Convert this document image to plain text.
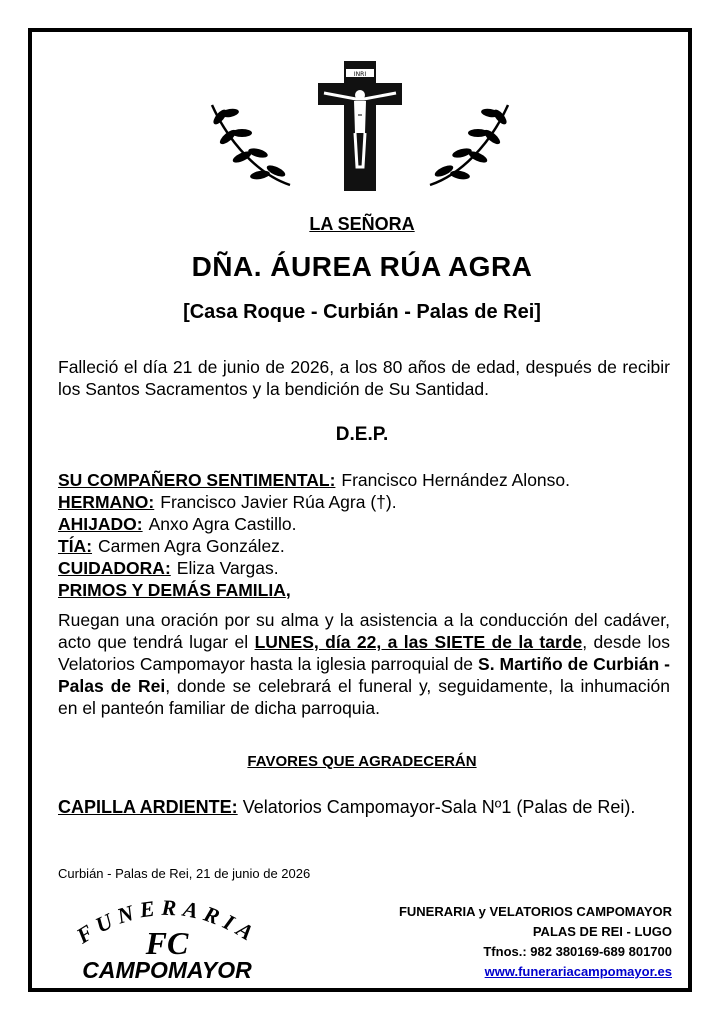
INRI
LA SEÑORA
DÑA. ÁUREA RÚA AGRA
[Casa Roque - Curbián - Palas de Rei]
Falleció el día 21 de junio de 2026, a los 80 años de edad, después de recibir los Santos Sacramentos y la bendición de Su Santidad.
D.E.P.
SU COMPAÑERO SENTIMENTAL: Francisco Hernández Alonso.
HERMANO: Francisco Javier Rúa Agra (†).
AHIJADO: Anxo Agra Castillo.
TÍA: Carmen Agra González.
CUIDADORA: Eliza Vargas.
PRIMOS Y DEMÁS FAMILIA,
Ruegan una oración por su alma y la asistencia a la conducción del cadáver, acto que tendrá lugar el LUNES, día 22, a las SIETE de la tarde, desde los Velatorios Campomayor hasta la iglesia parroquial de S. Martiño de Curbián - Palas de Rei, donde se celebrará el funeral y, seguidamente, la inhumación en el panteón familiar de dicha parroquia.
FAVORES QUE AGRADECERÁN
CAPILLA ARDIENTE: Velatorios Campomayor-Sala Nº1 (Palas de Rei).
Curbián - Palas de Rei, 21 de junio de 2026
FUNERARIA
FC
CAMPOMAYOR
FUNERARIA y VELATORIOS CAMPOMAYOR
PALAS DE REI - LUGO
Tfnos.: 982 380169-689 801700
www.funerariacampomayor.es
